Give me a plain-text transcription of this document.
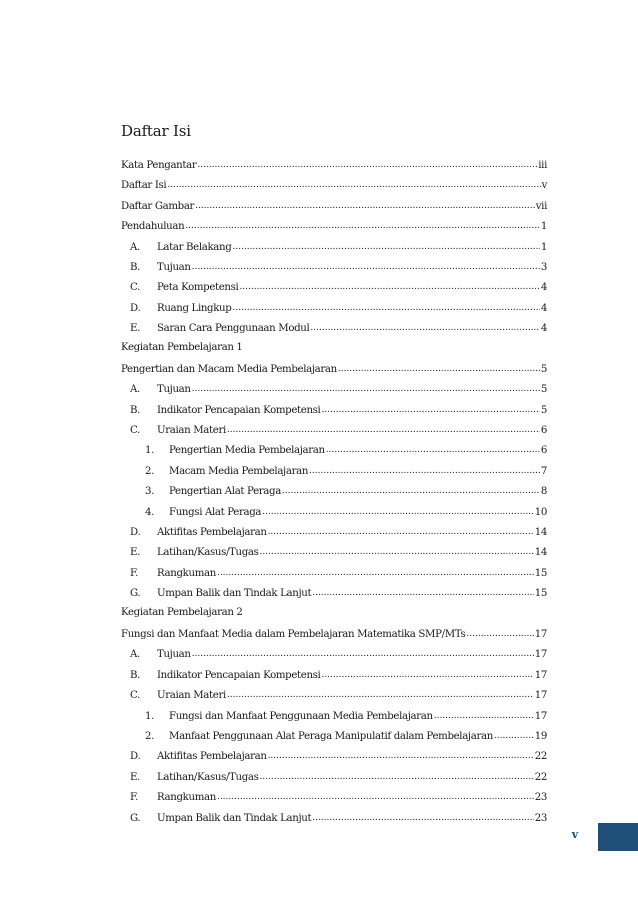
Daftar Isi
Kata Pengantar .....	iii
Daftar Isi .....	v
Daftar Gambar .....	vii
Pendahuluan .....	1
A.	Latar Belakang .....	1
B.	Tujuan .....	3
C.	Peta Kompetensi .....	4
D.	Ruang Lingkup .....	4
E.	Saran Cara Penggunaan Modul .....	4
Kegiatan Pembelajaran 1
Pengertian dan Macam Media Pembelajaran .....	5
A.	Tujuan .....	5
B.	Indikator Pencapaian Kompetensi .....	5
C.	Uraian Materi .....	6
1.	Pengertian Media Pembelajaran .....	6
2.	Macam Media Pembelajaran .....	7
3.	Pengertian Alat Peraga .....	8
4.	Fungsi Alat Peraga .....	10
D.	Aktifitas Pembelajaran .....	14
E.	Latihan/Kasus/Tugas .....	14
F.	Rangkuman .....	15
G.	Umpan Balik dan Tindak Lanjut .....	15
Kegiatan Pembelajaran 2
Fungsi dan Manfaat Media dalam Pembelajaran Matematika SMP/MTs .....	17
A.	Tujuan .....	17
B.	Indikator Pencapaian Kompetensi .....	17
C.	Uraian Materi .....	17
1.	Fungsi dan Manfaat Penggunaan Media Pembelajaran .....	17
2.	Manfaat Penggunaan Alat Peraga Manipulatif dalam Pembelajaran .....	19
D.	Aktifitas Pembelajaran .....	22
E.	Latihan/Kasus/Tugas .....	22
F.	Rangkuman .....	23
G.	Umpan Balik dan Tindak Lanjut .....	23
v
